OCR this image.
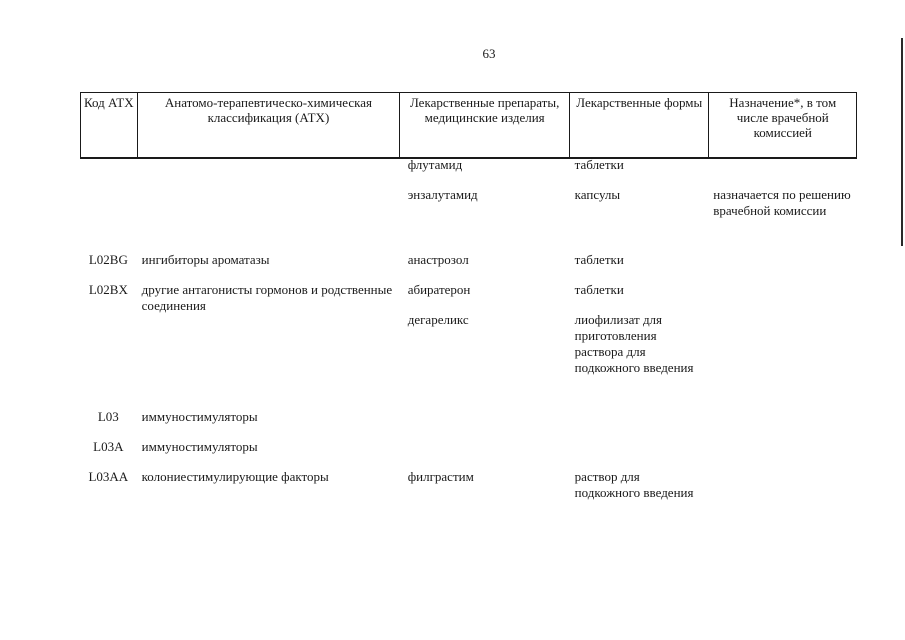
63
Код АТХ	Анатомо-терапевтическо-химическая классификация (АТХ)	Лекарственные препараты, медицинские изделия	Лекарственные формы	Назначение*, в том числе врачебной комиссией
		флутамид	таблетки	
		энзалутамид	капсулы	назначается по решению врачебной комиссии
L02BG	ингибиторы ароматазы	анастрозол	таблетки	
L02BX	другие антагонисты гормонов и родственные соединения	абиратерон	таблетки	
		дегареликс	лиофилизат для приготовления раствора для подкожного введения	
L03	иммуностимуляторы			
L03A	иммуностимуляторы			
L03AA	колониестимулирующие факторы	филграстим	раствор для подкожного введения	
